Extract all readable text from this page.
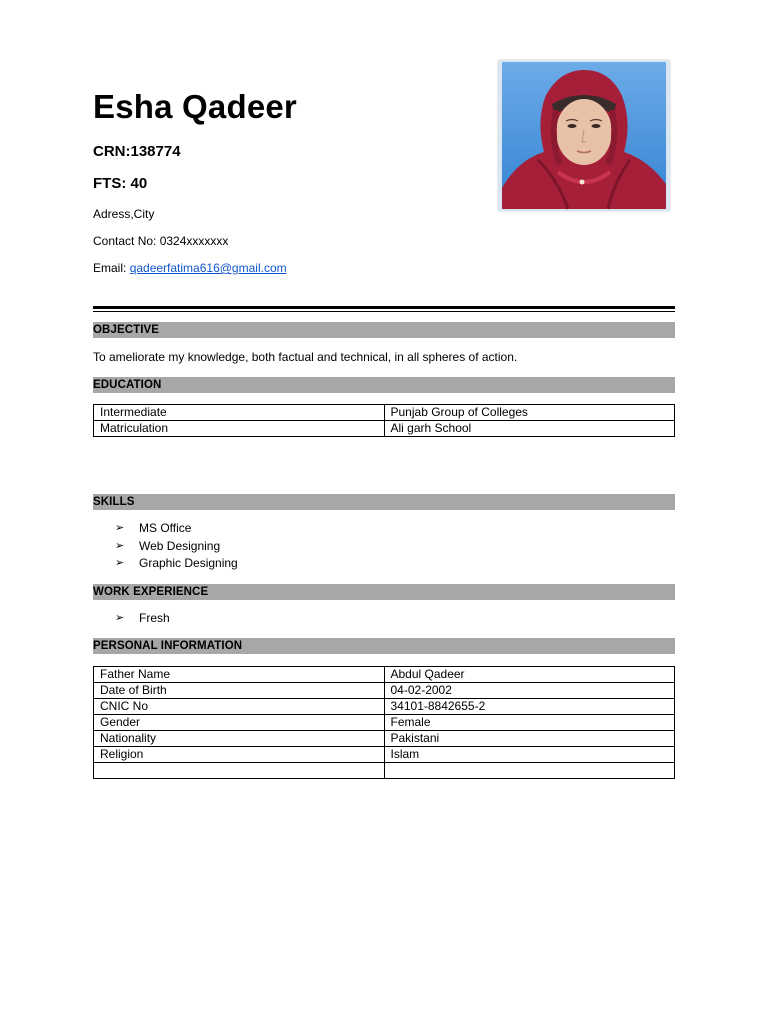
Esha Qadeer
CRN:138774
FTS: 40
Adress,City
Contact No: 0324xxxxxxx
Email: qadeerfatima616@gmail.com
OBJECTIVE
To ameliorate my knowledge, both factual and technical, in all spheres of action.
EDUCATION
Intermediate	Punjab Group of Colleges
Matriculation	Ali garh School
SKILLS
➢ MS Office
➢ Web Designing
➢ Graphic Designing
WORK EXPERIENCE
➢ Fresh
PERSONAL INFORMATION
Father Name	Abdul Qadeer
Date of Birth	04-02-2002
CNIC No	34101-8842655-2
Gender	Female
Nationality	Pakistani
Religion	Islam
